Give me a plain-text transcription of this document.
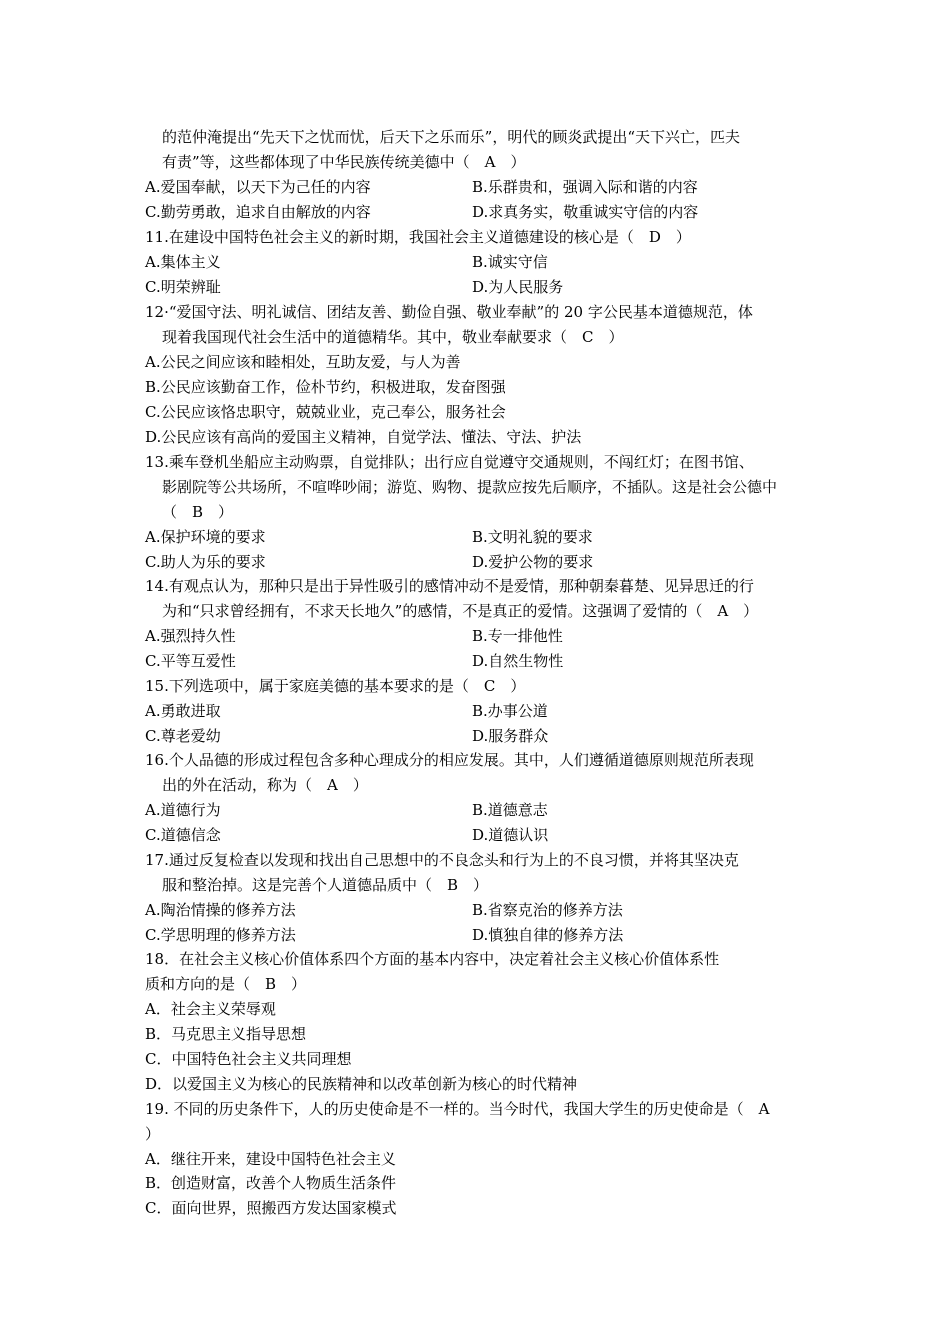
的范仲淹提出“先天下之忧而忧，后天下之乐而乐”，明代的顾炎武提出“天下兴亡，匹夫
有责”等，这些都体现了中华民族传统美德中（　A　）
A.爱国奉献，以天下为己任的内容	B.乐群贵和，强调入际和谐的内容
C.勤劳勇敢，追求自由解放的内容	D.求真务实，敬重诚实守信的内容
11.在建设中国特色社会主义的新时期，我国社会主义道德建设的核心是（　D　）
A.集体主义	B.诚实守信
C.明荣辨耻	D.为人民服务
12·“爱国守法、明礼诚信、团结友善、勤俭自强、敬业奉献”的 20 字公民基本道德规范，体
现着我国现代社会生活中的道德精华。其中，敬业奉献要求（　C　）
A.公民之间应该和睦相处，互助友爱，与人为善
B.公民应该勤奋工作，俭朴节约，积极进取，发奋图强
C.公民应该恪忠职守，兢兢业业，克己奉公，服务社会
D.公民应该有高尚的爱国主义精神，自觉学法、懂法、守法、护法
13.乘车登机坐船应主动购票，自觉排队；出行应自觉遵守交通规则，不闯红灯；在图书馆、
影剧院等公共场所，不喧哗吵闹；游览、购物、提款应按先后顺序，不插队。这是社会公德中
（　B　）
A.保护环境的要求	B.文明礼貌的要求
C.助人为乐的要求	D.爱护公物的要求
14.有观点认为，那种只是出于异性吸引的感情冲动不是爱情，那种朝秦暮楚、见异思迁的行
为和“只求曾经拥有，不求天长地久”的感情，不是真正的爱情。这强调了爱情的（　A　）
A.强烈持久性	B.专一排他性
C.平等互爱性	D.自然生物性
15.下列选项中，属于家庭美德的基本要求的是（　C　）
A.勇敢进取	B.办事公道
C.尊老爱幼	D.服务群众
16.个人品德的形成过程包含多种心理成分的相应发展。其中，人们遵循道德原则规范所表现
出的外在活动，称为（　A　）
A.道德行为	B.道德意志
C.道德信念	D.道德认识
17.通过反复检查以发现和找出自己思想中的不良念头和行为上的不良习惯，并将其坚决克
服和整治掉。这是完善个人道德品质中（　B　）
A.陶治情操的修养方法	B.省察克治的修养方法
C.学思明理的修养方法	D.慎独自律的修养方法
18．在社会主义核心价值体系四个方面的基本内容中，决定着社会主义核心价值体系性
质和方向的是（　B　）
A．社会主义荣辱观
B．马克思主义指导思想
C．中国特色社会主义共同理想
D．以爱国主义为核心的民族精神和以改革创新为核心的时代精神
19. 不同的历史条件下，人的历史使命是不一样的。当今时代，我国大学生的历史使命是（　A
）
A．继往开来，建设中国特色社会主义
B．创造财富，改善个人物质生活条件
C．面向世界，照搬西方发达国家模式
